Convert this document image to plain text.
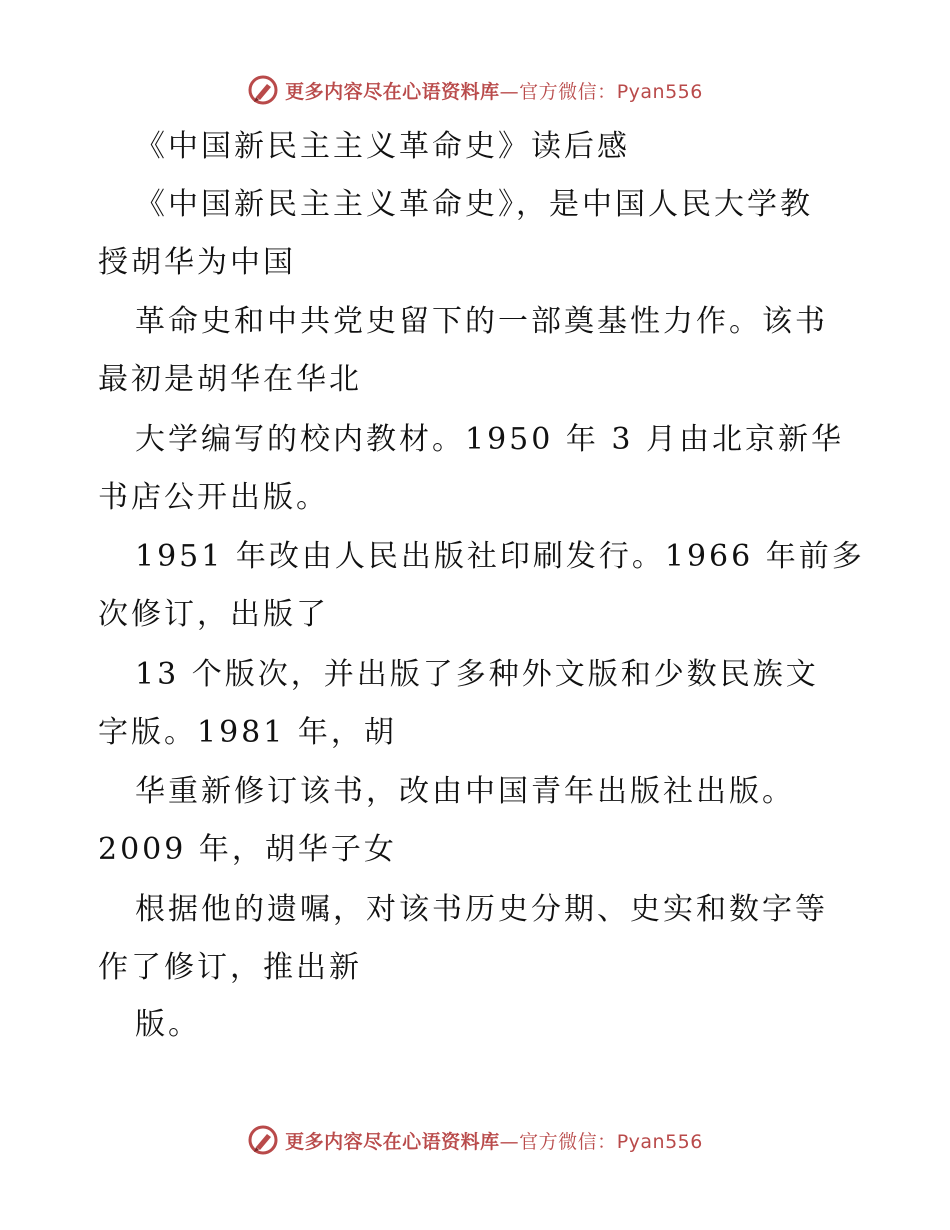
更多内容尽在心语资料库—官方微信：Pyan556
《中国新民主主义革命史》读后感
《中国新民主主义革命史》，是中国人民大学教
授胡华为中国
革命史和中共党史留下的一部奠基性力作。该书
最初是胡华在华北
大学编写的校内教材。1950 年 3 月由北京新华
书店公开出版。
1951 年改由人民出版社印刷发行。1966 年前多
次修订，出版了
13 个版次，并出版了多种外文版和少数民族文
字版。1981 年，胡
华重新修订该书，改由中国青年出版社出版。
2009 年，胡华子女
根据他的遗嘱，对该书历史分期、史实和数字等
作了修订，推出新
版。
更多内容尽在心语资料库—官方微信：Pyan556
